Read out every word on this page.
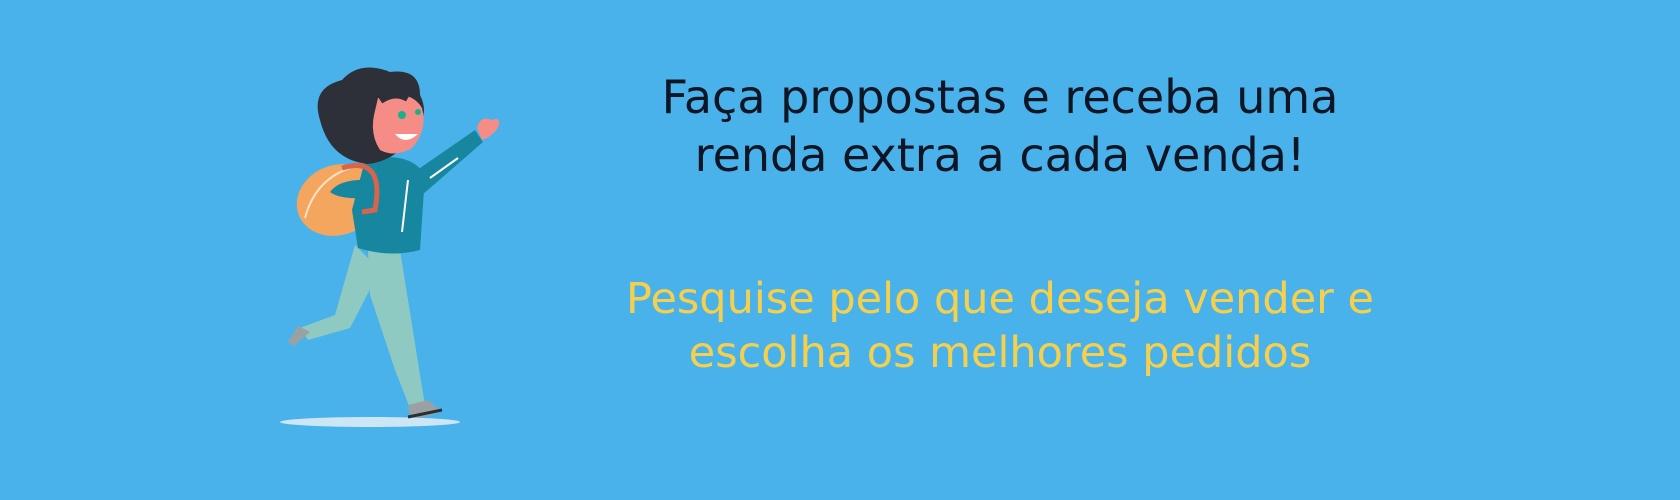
Faça propostas e receba uma
renda extra a cada venda!

Pesquise pelo que deseja vender e
escolha os melhores pedidos
